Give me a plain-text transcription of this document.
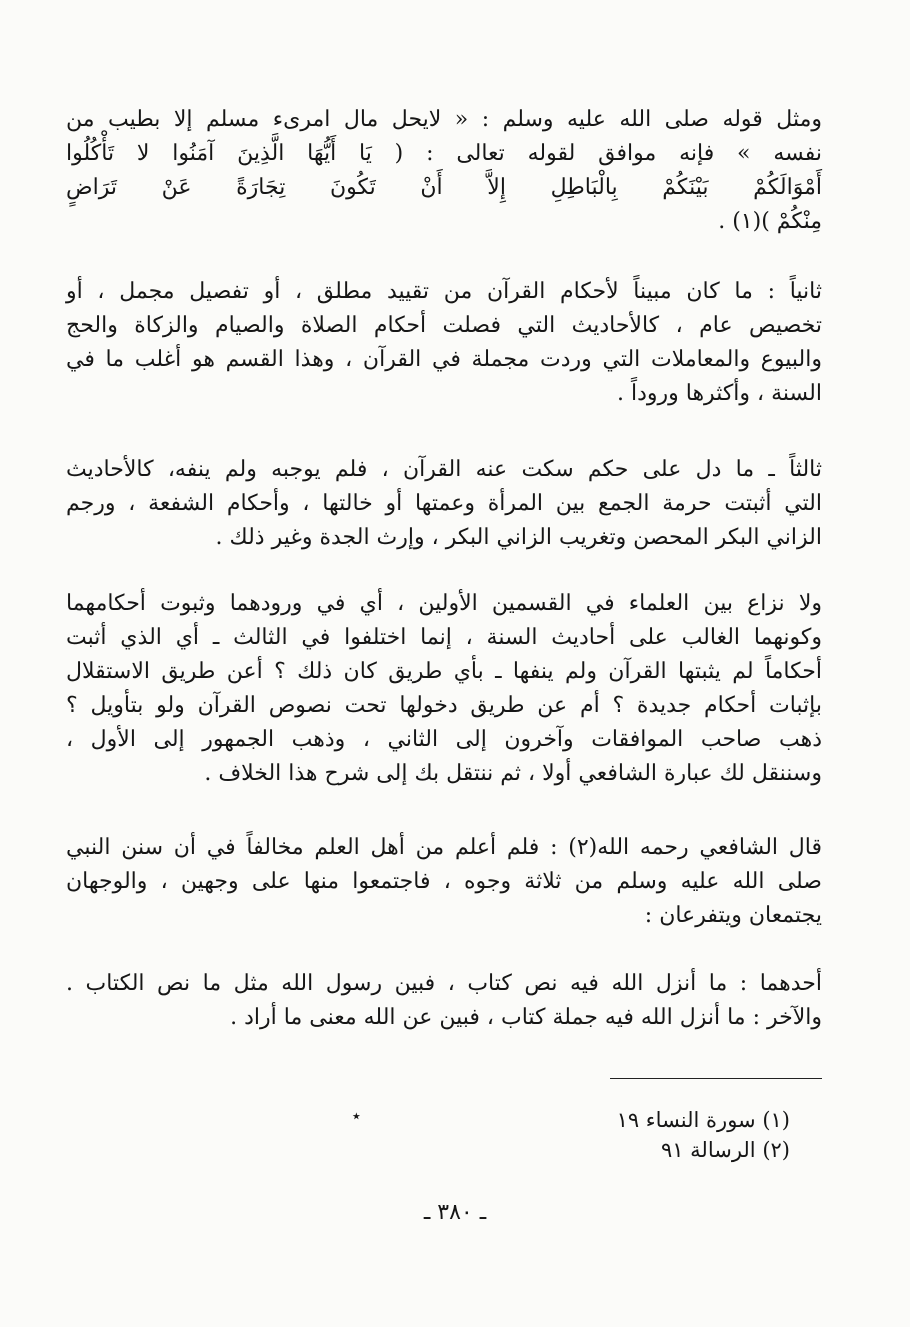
ومثل قوله صلى الله عليه وسلم : « لايحل مال امرىء مسلم إلا بطيب من
نفسه » فإنه موافق لقوله تعالى : ( يَا أَيُّهَا الَّذِينَ آمَنُوا لا تَأْكُلُوا
أَمْوَالَكُمْ بَيْنَكُمْ بِالْبَاطِلِ إِلاَّ أَنْ تَكُونَ تِجَارَةً عَنْ تَرَاضٍ
مِنْكُمْ )(١) .
ثانياً : ما كان مبيناً لأحكام القرآن من تقييد مطلق ، أو تفصيل مجمل ، أو
تخصيص عام ، كالأحاديث التي فصلت أحكام الصلاة والصيام والزكاة والحج
والبيوع والمعاملات التي وردت مجملة في القرآن ، وهذا القسم هو أغلب ما في
السنة ، وأكثرها وروداً .
ثالثاً ـ ما دل على حكم سكت عنه القرآن ، فلم يوجبه ولم ينفه، كالأحاديث
التي أثبتت حرمة الجمع بين المرأة وعمتها أو خالتها ، وأحكام الشفعة ، ورجم
الزاني البكر المحصن وتغريب الزاني البكر ، وإرث الجدة وغير ذلك .
ولا نزاع بين العلماء في القسمين الأولين ، أي في ورودهما وثبوت أحكامهما
وكونهما الغالب على أحاديث السنة ، إنما اختلفوا في الثالث ـ أي الذي أثبت
أحكاماً لم يثبتها القرآن ولم ينفها ـ بأي طريق كان ذلك ؟ أعن طريق الاستقلال
بإثبات أحكام جديدة ؟ أم عن طريق دخولها تحت نصوص القرآن ولو بتأويل ؟
ذهب صاحب الموافقات وآخرون إلى الثاني ، وذهب الجمهور إلى الأول ،
وسننقل لك عبارة الشافعي أولا ، ثم ننتقل بك إلى شرح هذا الخلاف .
قال الشافعي رحمه الله(٢) : فلم أعلم من أهل العلم مخالفاً في أن سنن النبي
صلى الله عليه وسلم من ثلاثة وجوه ، فاجتمعوا منها على وجهين ، والوجهان
يجتمعان ويتفرعان :
أحدهما : ما أنزل الله فيه نص كتاب ، فبين رسول الله مثل ما نص الكتاب .
والآخر : ما أنزل الله فيه جملة كتاب ، فبين عن الله معنى ما أراد .
٭	(١) سورة النساء ١٩
(٢) الرسالة ٩١
ـ ٣٨٠ ـ
